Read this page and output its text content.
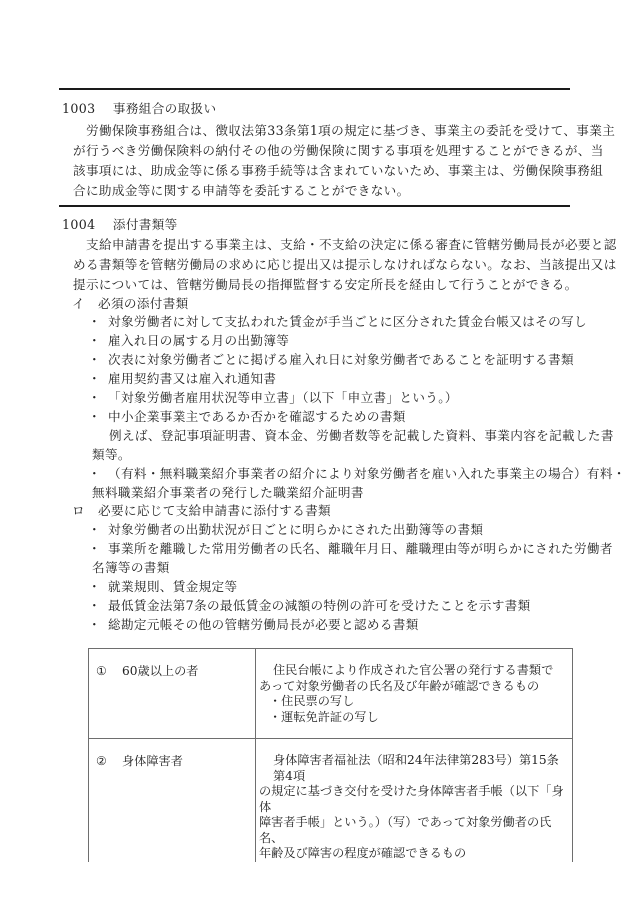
1003 事務組合の取扱い
労働保険事務組合は、徴収法第33条第1項の規定に基づき、事業主の委託を受けて、事業主
が行うべき労働保険料の納付その他の労働保険に関する事項を処理することができるが、当
該事項には、助成金等に係る事務手続等は含まれていないため、事業主は、労働保険事務組
合に助成金等に関する申請等を委託することができない。
1004 添付書類等
支給申請書を提出する事業主は、支給・不支給の決定に係る審査に管轄労働局長が必要と認
める書類等を管轄労働局の求めに応じ提出又は提示しなければならない。なお、当該提出又は
提示については、管轄労働局長の指揮監督する安定所長を経由して行うことができる。
イ 必須の添付書類
・ 対象労働者に対して支払われた賃金が手当ごとに区分された賃金台帳又はその写し
・ 雇入れ日の属する月の出勤簿等
・ 次表に対象労働者ごとに掲げる雇入れ日に対象労働者であることを証明する書類
・ 雇用契約書又は雇入れ通知書
・ 「対象労働者雇用状況等申立書」（以下「申立書」という。）
・ 中小企業事業主であるか否かを確認するための書類
例えば、登記事項証明書、資本金、労働者数等を記載した資料、事業内容を記載した書
類等。
・ （有料・無料職業紹介事業者の紹介により対象労働者を雇い入れた事業主の場合）有料・
無料職業紹介事業者の発行した職業紹介証明書
ロ 必要に応じて支給申請書に添付する書類
・ 対象労働者の出勤状況が日ごとに明らかにされた出勤簿等の書類
・ 事業所を離職した常用労働者の氏名、離職年月日、離職理由等が明らかにされた労働者
名簿等の書類
・ 就業規則、賃金規定等
・ 最低賃金法第7条の最低賃金の減額の特例の許可を受けたことを示す書類
・ 総勘定元帳その他の管轄労働局長が必要と認める書類
① 60歳以上の者	住民台帳により作成された官公署の発行する書類で
あって対象労働者の氏名及び年齢が確認できるもの
・住民票の写し
・運転免許証の写し

② 身体障害者	身体障害者福祉法（昭和24年法律第283号）第15条第4項
の規定に基づき交付を受けた身体障害者手帳（以下「身体
障害者手帳」という。）（写）であって対象労働者の氏名、
年齢及び障害の程度が確認できるもの
